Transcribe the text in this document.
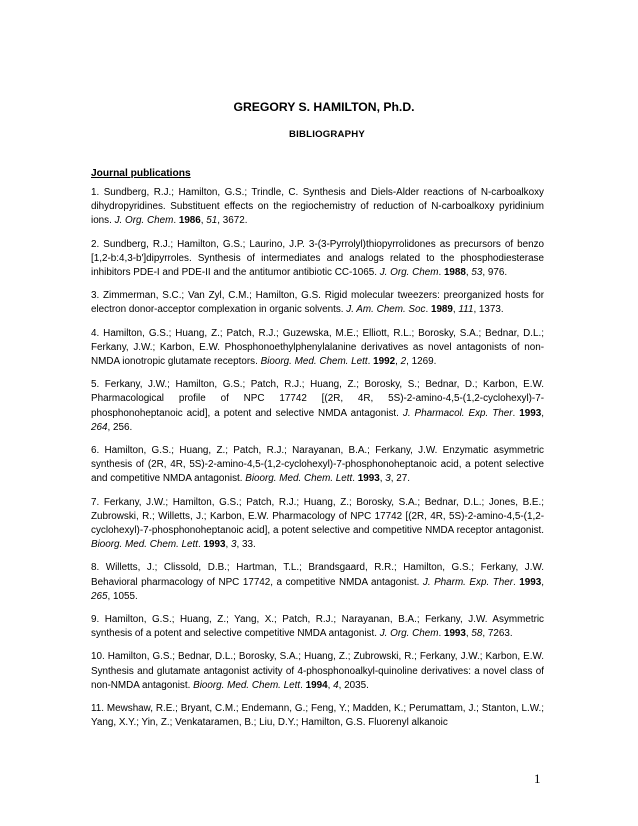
GREGORY S. HAMILTON, Ph.D.
BIBLIOGRAPHY
Journal publications

1. Sundberg, R.J.; Hamilton, G.S.; Trindle, C. Synthesis and Diels-Alder reactions of N-carboalkoxy dihydropyridines. Substituent effects on the regiochemistry of reduction of N-carboalkoxy pyridinium ions. J. Org. Chem. 1986, 51, 3672.

2. Sundberg, R.J.; Hamilton, G.S.; Laurino, J.P. 3-(3-Pyrrolyl)thiopyrrolidones as precursors of benzo [1,2-b:4,3-b']dipyrroles. Synthesis of intermediates and analogs related to the phosphodiesterase inhibitors PDE-I and PDE-II and the antitumor antibiotic CC-1065. J. Org. Chem. 1988, 53, 976.

3. Zimmerman, S.C.; Van Zyl, C.M.; Hamilton, G.S. Rigid molecular tweezers: preorganized hosts for electron donor-acceptor complexation in organic solvents. J. Am. Chem. Soc. 1989, 111, 1373.

4. Hamilton, G.S.; Huang, Z.; Patch, R.J.; Guzewska, M.E.; Elliott, R.L.; Borosky, S.A.; Bednar, D.L.; Ferkany, J.W.; Karbon, E.W. Phosphonoethylphenylalanine derivatives as novel antagonists of non-NMDA ionotropic glutamate receptors. Bioorg. Med. Chem. Lett. 1992, 2, 1269.

5. Ferkany, J.W.; Hamilton, G.S.; Patch, R.J.; Huang, Z.; Borosky, S.; Bednar, D.; Karbon, E.W. Pharmacological profile of NPC 17742 [(2R, 4R, 5S)-2-amino-4,5-(1,2-cyclohexyl)-7-phosphonoheptanoic acid], a potent and selective NMDA antagonist. J. Pharmacol. Exp. Ther. 1993, 264, 256.

6. Hamilton, G.S.; Huang, Z.; Patch, R.J.; Narayanan, B.A.; Ferkany, J.W. Enzymatic asymmetric synthesis of (2R, 4R, 5S)-2-amino-4,5-(1,2-cyclohexyl)-7-phosphonoheptanoic acid, a potent selective and competitive NMDA antagonist. Bioorg. Med. Chem. Lett. 1993, 3, 27.

7. Ferkany, J.W.; Hamilton, G.S.; Patch, R.J.; Huang, Z.; Borosky, S.A.; Bednar, D.L.; Jones, B.E.; Zubrowski, R.; Willetts, J.; Karbon, E.W. Pharmacology of NPC 17742 [(2R, 4R, 5S)-2-amino-4,5-(1,2-cyclohexyl)-7-phosphonoheptanoic acid], a potent selective and competitive NMDA receptor antagonist. Bioorg. Med. Chem. Lett. 1993, 3, 33.

8. Willetts, J.; Clissold, D.B.; Hartman, T.L.; Brandsgaard, R.R.; Hamilton, G.S.; Ferkany, J.W. Behavioral pharmacology of NPC 17742, a competitive NMDA antagonist. J. Pharm. Exp. Ther. 1993, 265, 1055.

9. Hamilton, G.S.; Huang, Z.; Yang, X.; Patch, R.J.; Narayanan, B.A.; Ferkany, J.W. Asymmetric synthesis of a potent and selective competitive NMDA antagonist. J. Org. Chem. 1993, 58, 7263.

10. Hamilton, G.S.; Bednar, D.L.; Borosky, S.A.; Huang, Z.; Zubrowski, R.; Ferkany, J.W.; Karbon, E.W. Synthesis and glutamate antagonist activity of 4-phosphonoalkyl-quinoline derivatives: a novel class of non-NMDA antagonist. Bioorg. Med. Chem. Lett. 1994, 4, 2035.

11. Mewshaw, R.E.; Bryant, C.M.; Endemann, G.; Feng, Y.; Madden, K.; Perumattam, J.; Stanton, L.W.; Yang, X.Y.; Yin, Z.; Venkataramen, B.; Liu, D.Y.; Hamilton, G.S. Fluorenyl alkanoic

1
